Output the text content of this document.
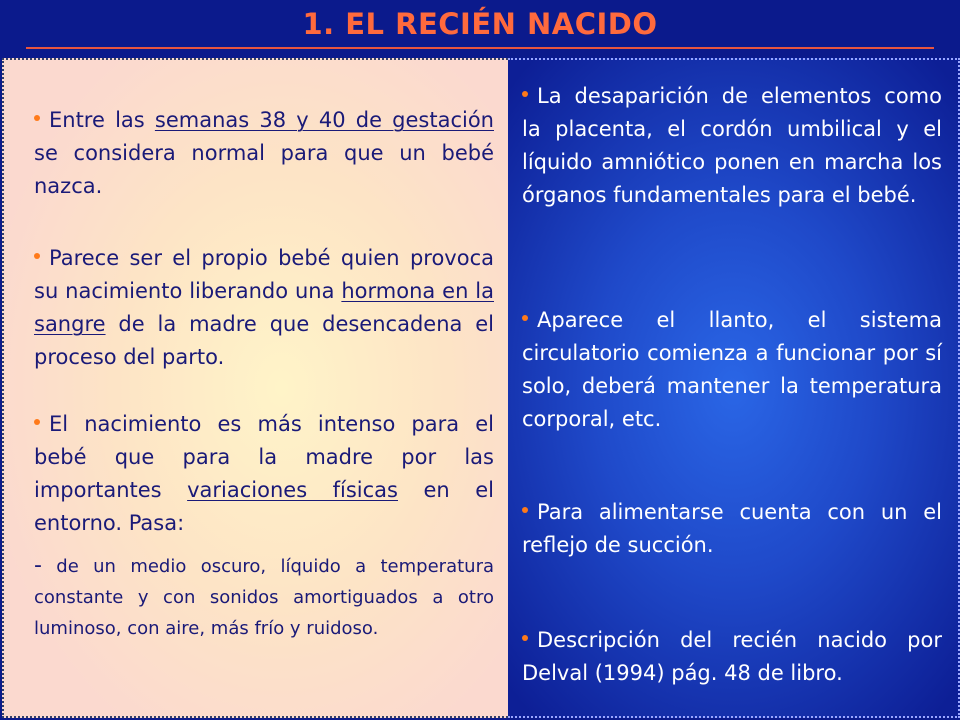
1. EL RECIÉN NACIDO

Entre las semanas 38 y 40 de gestación se considera normal para que un bebé nazca.

Parece ser el propio bebé quien provoca su nacimiento liberando una hormona en la sangre de la madre que desencadena el proceso del parto.

El nacimiento es más intenso para el bebé que para la madre por las importantes variaciones físicas en el entorno. Pasa:

- de un medio oscuro, líquido a temperatura constante y con sonidos amortiguados a otro luminoso, con aire, más frío y ruidoso.

La desaparición de elementos como la placenta, el cordón umbilical y el líquido amniótico ponen en marcha los órganos fundamentales para el bebé.

Aparece el llanto, el sistema circulatorio comienza a funcionar por sí solo, deberá mantener la temperatura corporal, etc.

Para alimentarse cuenta con un el reflejo de succión.

Descripción del recién nacido por Delval (1994) pág. 48 de libro.
